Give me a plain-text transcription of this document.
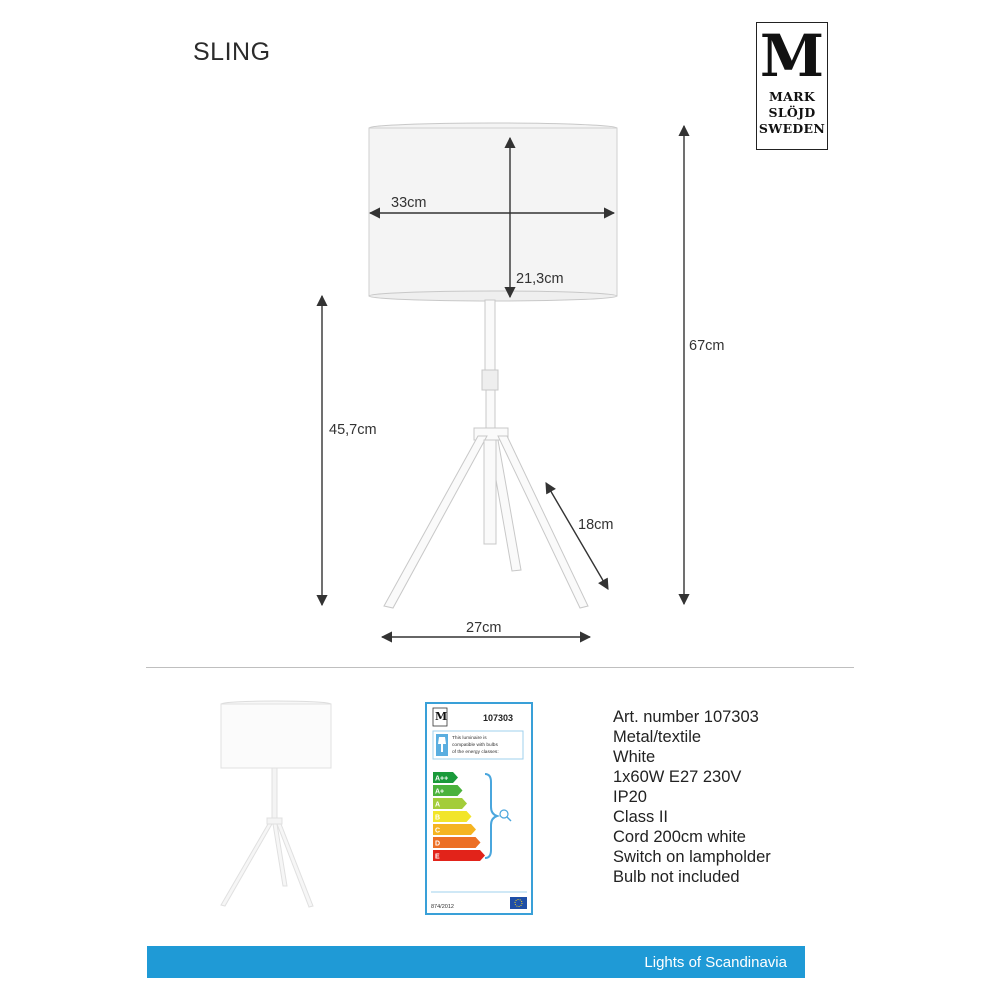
SLING	M
MARK
SLÖJD
SWEDEN
33cm
21,3cm
45,7cm
67cm
18cm
27cm
M	107303
This luminaire is
compatible with bulbs
of the energy classes:
A++
A+
A
B
C
D
E
874/2012
Art. number 107303
Metal/textile
White
1x60W E27 230V
IP20
Class II
Cord 200cm white
Switch on lampholder
Bulb not included
Lights of Scandinavia
